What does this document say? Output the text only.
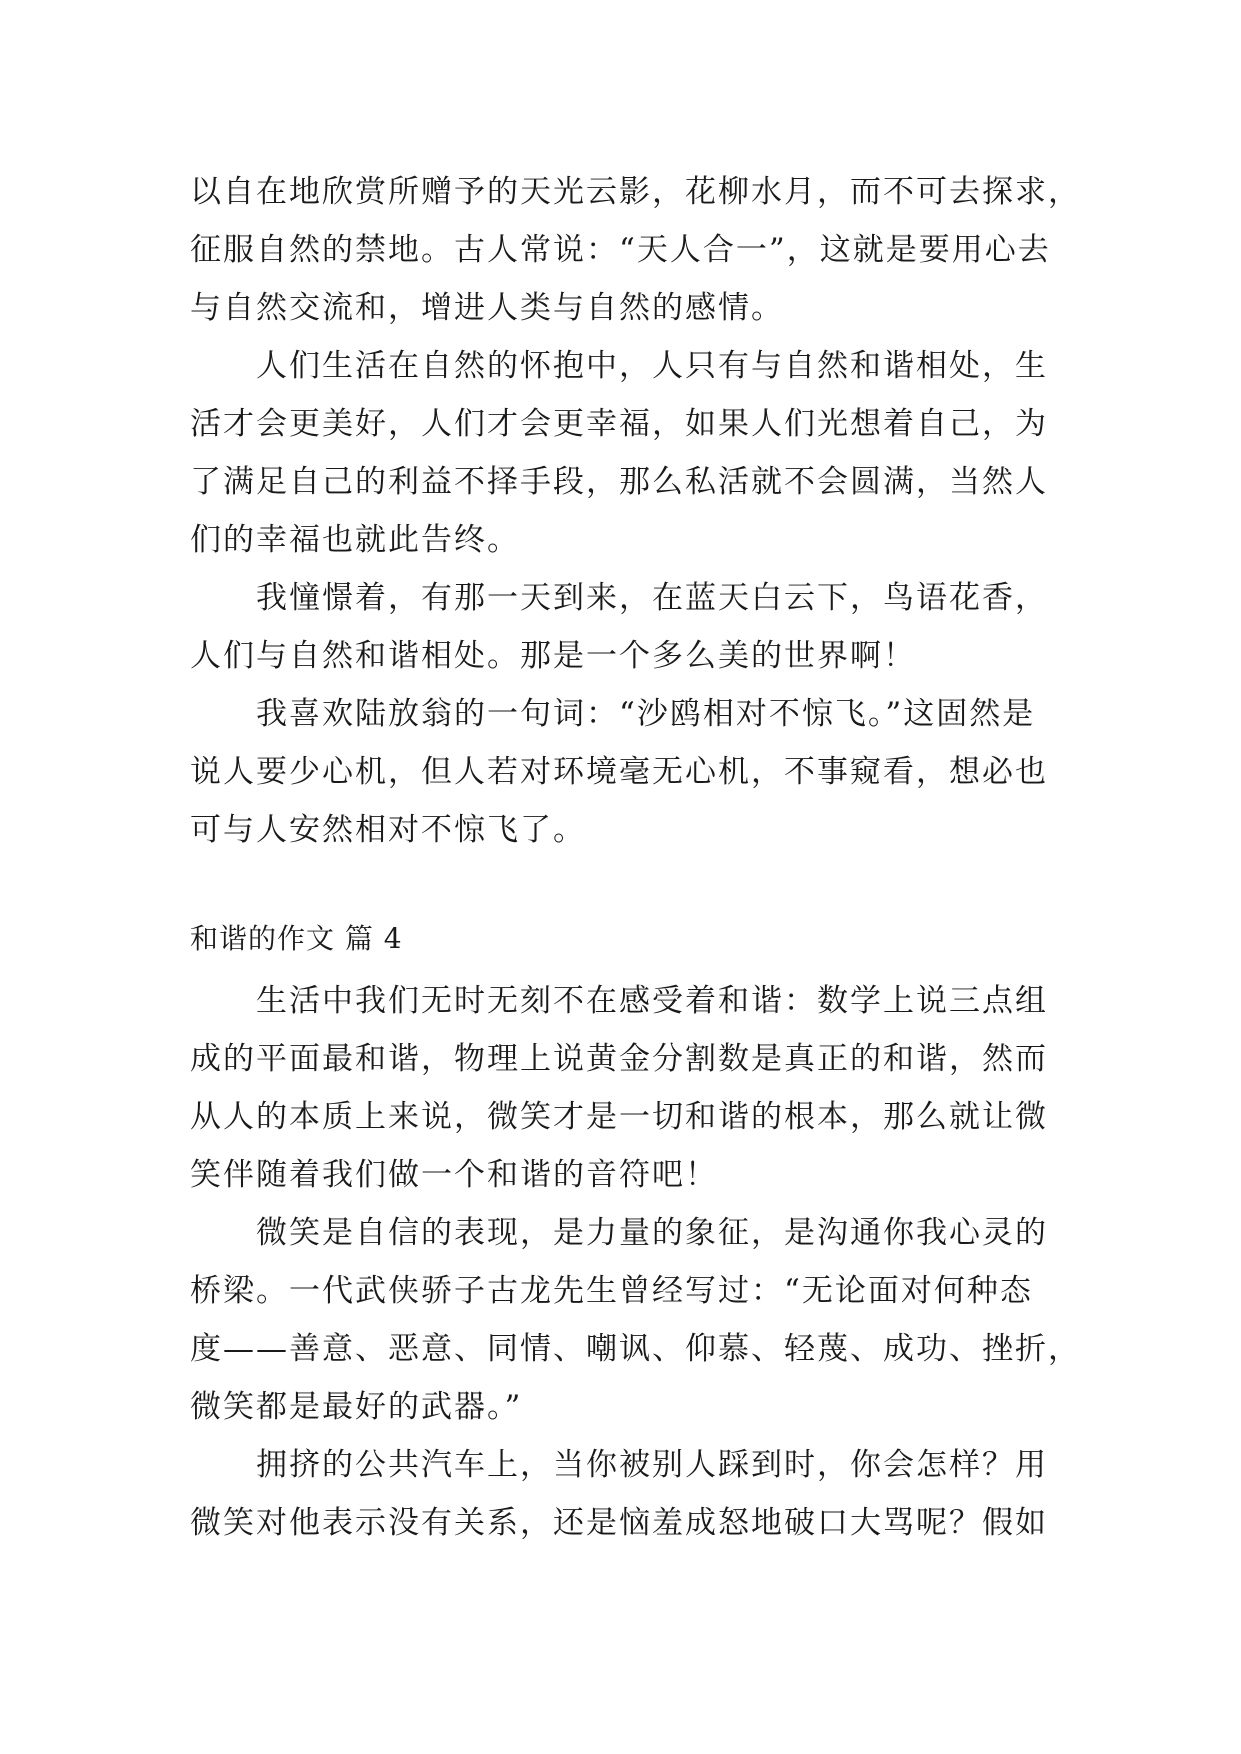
以自在地欣赏所赠予的天光云影，花柳水月，而不可去探求，
征服自然的禁地。古人常说：“天人合一”，这就是要用心去
与自然交流和，增进人类与自然的感情。
人们生活在自然的怀抱中，人只有与自然和谐相处，生
活才会更美好，人们才会更幸福，如果人们光想着自己，为
了满足自己的利益不择手段，那么私活就不会圆满，当然人
们的幸福也就此告终。
我憧憬着，有那一天到来，在蓝天白云下，鸟语花香，
人们与自然和谐相处。那是一个多么美的世界啊！
我喜欢陆放翁的一句词：“沙鸥相对不惊飞。”这固然是
说人要少心机，但人若对环境毫无心机，不事窥看，想必也
可与人安然相对不惊飞了。
和谐的作文 篇 4
生活中我们无时无刻不在感受着和谐：数学上说三点组
成的平面最和谐，物理上说黄金分割数是真正的和谐，然而
从人的本质上来说，微笑才是一切和谐的根本，那么就让微
笑伴随着我们做一个和谐的音符吧！
微笑是自信的表现，是力量的象征，是沟通你我心灵的
桥梁。一代武侠骄子古龙先生曾经写过：“无论面对何种态
度——善意、恶意、同情、嘲讽、仰慕、轻蔑、成功、挫折，
微笑都是最好的武器。”
拥挤的公共汽车上，当你被别人踩到时，你会怎样？用
微笑对他表示没有关系，还是恼羞成怒地破口大骂呢？假如
